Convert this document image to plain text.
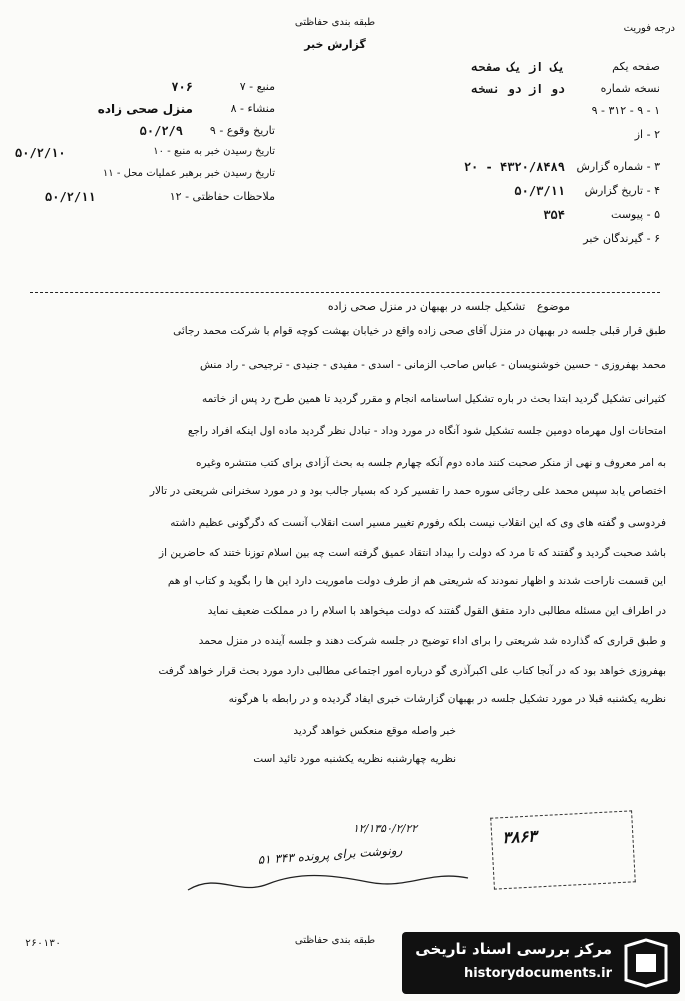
درجه فوریت
طبقه بندی حفاظتی
گزارش خبر
صفحه یکم
یک از یک صفحه
نسخه شماره
دو از دو نسخه
۱ - ۹ - ۳۱۲ - ۹
۲ - از
۳ - شماره گزارش
۴۳۲۰/۸۴۸۹ - ۲۰
۴ - تاریخ گزارش
۵۰/۳/۱۱
۵ - پیوست
۳۵۴
۶ - گیرندگان خبر
۷ - منبع
۷۰۶
۸ - منشاء
منزل صحی زاده
۹ - تاریخ وقوع
۵۰/۲/۹
۱۰ - تاریخ رسیدن خبر به منبع
۵۰/۲/۱۰
۱۱ - تاریخ رسیدن خبر برهبر عملیات محل
۱۲ - ملاحظات حفاظتی
۵۰/۲/۱۱
موضوع تشکیل جلسه در بهبهان در منزل صحی زاده
طبق قرار قبلی جلسه در بهبهان در منزل آقای صحی زاده واقع در خیابان بهشت کوچه قوام با شرکت محمد رجائی
محمد بهفروزی - حسین خوشنویسان - عباس صاحب الزمانی - اسدی - مفیدی - جنیدی - ترجیحی - راد منش
کثیرانی تشکیل گردید ابتدا بحث در باره تشکیل اساسنامه انجام و مقرر گردید تا همین طرح رد پس از خاتمه
امتحانات اول مهرماه دومین جلسه تشکیل شود آنگاه در مورد وداد - تبادل نظر گردید ماده اول اینکه افراد راجع
به امر معروف و نهی از منکر صحبت کنند ماده دوم آنکه چهارم جلسه به بحث آزادی برای کتب منتشره وغیره
اختصاص یابد سپس محمد علی رجائی سوره حمد را تفسیر کرد که بسیار جالب بود و در مورد سخنرانی شریعتی در تالار
فردوسی و گفته های وی که این انقلاب نیست بلکه رفورم تغییر مسیر است انقلاب آنست که دگرگونی عظیم داشته
باشد صحبت گردید و گفتند که تا مرد که دولت را بیداد انتقاد عمیق گرفته است چه بین اسلام توزنا ختند که حاضرین از
این قسمت ناراحت شدند و اظهار نمودند که شریعتی هم از طرف دولت ماموریت دارد این ها را بگوید و کتاب او هم
در اطراف این مسئله مطالبی دارد متفق القول گفتند که دولت میخواهد با اسلام را در مملکت ضعیف نماید
و طبق قراری که گذارده شد شریعتی را برای اداء توضیح در جلسه شرکت دهند و جلسه آینده در منزل محمد
بهفروزی خواهد بود که در آنجا کتاب علی اکبرآذری گو درباره امور اجتماعی مطالبی دارد مورد بحث قرار خواهد گرفت
نظریه یکشنبه قبلا در مورد تشکیل جلسه در بهبهان گزارشات خبری ایفاد گردیده و در رابطه با هرگونه
خبر واصله موقع منعکس خواهد گردید
نظریه چهارشنبه نظریه یکشنبه مورد تائید است
۱۲/۱۳۵۰/۲/۲۲
رونوشت برای پرونده ۳۴۳ ۵۱
۳۸۶۳
۲۶۰۱۳۰	طبقه بندی حفاظتی	مرکز بررسی اسناد تاریخی
historydocuments.ir
